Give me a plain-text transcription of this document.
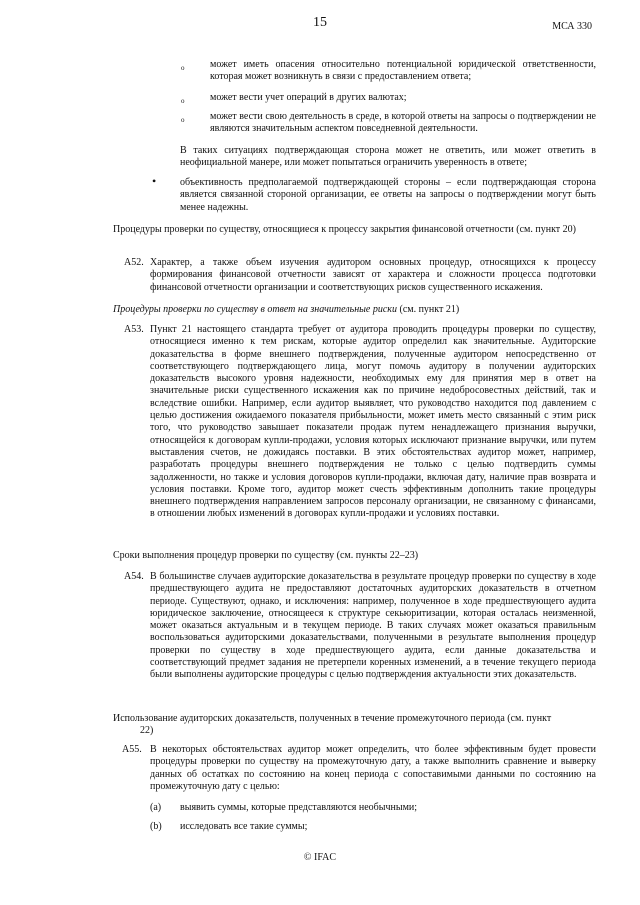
15	МСА 330
o	может иметь опасения относительно потенциальной юридической ответственности, которая может возникнуть в связи с предоставлением ответа;
o	может вести учет операций в других валютах;
o	может вести свою деятельность в среде, в которой ответы на запросы о подтверждении не являются значительным аспектом повседневной деятельности.
В таких ситуациях подтверждающая сторона может не ответить, или может ответить в неофициальной манере, или может попытаться ограничить уверенность в ответе;
• объективность предполагаемой подтверждающей стороны – если подтверждающая сторона является связанной стороной организации, ее ответы на запросы о подтверждении могут быть менее надежны.
Процедуры проверки по существу, относящиеся к процессу закрытия финансовой отчетности (см. пункт 20)
A52. Характер, а также объем изучения аудитором основных процедур, относящихся к процессу формирования финансовой отчетности зависят от характера и сложности процесса подготовки финансовой отчетности организации и соответствующих рисков существенного искажения.
Процедуры проверки по существу в ответ на значительные риски (см. пункт 21)
A53. Пункт 21 настоящего стандарта требует от аудитора проводить процедуры проверки по существу, относящиеся именно к тем рискам, которые аудитор определил как значительные. Аудиторские доказательства в форме внешнего подтверждения, полученные аудитором непосредственно от соответствующего подтверждающего лица, могут помочь аудитору в получении аудиторских доказательств высокого уровня надежности, необходимых ему для принятия мер в ответ на значительные риски существенного искажения как по причине недобросовестных действий, так и вследствие ошибки. Например, если аудитор выявляет, что руководство находится под давлением с целью достижения ожидаемого показателя прибыльности, может иметь место связанный с этим риск того, что руководство завышает показатели продаж путем ненадлежащего признания выручки, относящейся к договорам купли-продажи, условия которых исключают признание выручки, или путем выставления счетов, не дожидаясь поставки. В этих обстоятельствах аудитор может, например, разработать процедуры внешнего подтверждения не только с целью подтвердить суммы задолженности, но также и условия договоров купли-продажи, включая дату, наличие прав возврата и условия поставки. Кроме того, аудитор может счесть эффективным дополнить такие процедуры внешнего подтверждения направлением запросов персоналу организации, не связанному с финансами, в отношении любых изменений в договорах купли-продажи и условиях поставки.
Сроки выполнения процедур проверки по существу (см. пункты 22–23)
A54. В большинстве случаев аудиторские доказательства в результате процедур проверки по существу в ходе предшествующего аудита не предоставляют достаточных аудиторских доказательств в отчетном периоде. Существуют, однако, и исключения: например, полученное в ходе предшествующего аудита юридическое заключение, относящееся к структуре секьюритизации, которая осталась неизменной, может оказаться актуальным и в текущем периоде. В таких случаях может оказаться правильным воспользоваться аудиторскими доказательствами, полученными в результате выполнения процедур проверки по существу в ходе предшествующего аудита, если данные доказательства и соответствующий предмет задания не претерпели коренных изменений, а в течение текущего периода были выполнены аудиторские процедуры с целью подтверждения актуальности этих доказательств.
Использование аудиторских доказательств, полученных в течение промежуточного периода (см. пункт
22)
A55. В некоторых обстоятельствах аудитор может определить, что более эффективным будет провести процедуры проверки по существу на промежуточную дату, а также выполнить сравнение и выверку данных об остатках по состоянию на конец периода с сопоставимыми данными по состоянию на промежуточную дату с целью:
(a) выявить суммы, которые представляются необычными;
(b) исследовать все такие суммы;
© IFAC
